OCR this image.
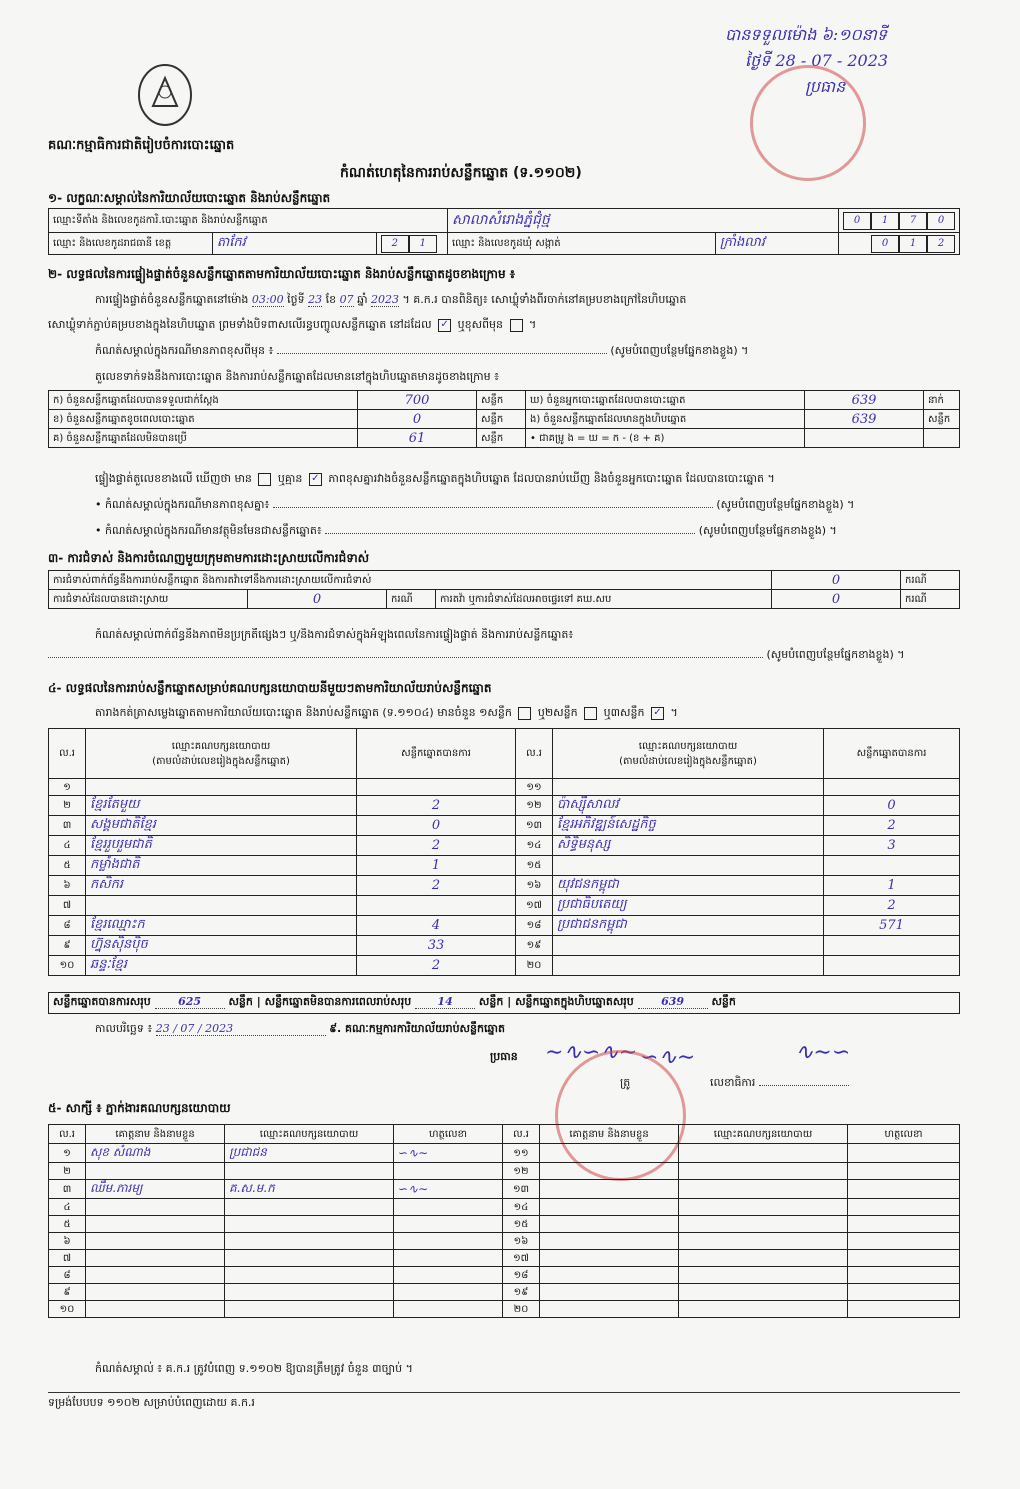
បាន​ទទួល​ម៉ោង ៦:១០នាទី
ថ្ងៃទី 28 - 07 - 2023
ប្រធាន
គណៈកម្មាធិការជាតិរៀបចំការបោះឆ្នោត
កំណត់ហេតុនៃការរាប់សន្លឹកឆ្នោត (ទ.១១០២)
១- លក្ខណៈសម្គាល់នៃការិយាល័យបោះឆ្នោត និងរាប់សន្លឹកឆ្នោត
ឈ្មោះទីតាំង និងលេខកូដការិ.បោះឆ្នោត និងរាប់សន្លឹកឆ្នោត			សាលាសំរោងភ្នំជុំថ្ម		0 1 7 0
ឈ្មោះ និងលេខកូដរាជធានី ខេត្ត	តាកែវ	2 1	ឈ្មោះ និងលេខកូដឃុំ សង្កាត់	ក្រាំងលាវ	0 1 2
២- លទ្ធផលនៃការផ្ទៀងផ្ទាត់ចំនួនសន្លឹកឆ្នោតតាមការិយាល័យបោះឆ្នោត និងរាប់សន្លឹកឆ្នោតដូចខាងក្រោម ៖
ការផ្ទៀងផ្ទាត់ចំនួនសន្លឹកឆ្នោតនៅម៉ោង 03:00 ថ្ងៃទី 23 ខែ 07 ឆ្នាំ 2023 ។ គ.ក.រ បានពិនិត្យ៖ សោឃ្លុំទាំងពីរចាក់នៅគម្របខាងក្រៅនៃហិបឆ្នោត
សោឃ្លុំទាក់ភ្ជាប់គម្របខាងក្នុងនៃហិបឆ្នោត ព្រមទាំងបិទពាសលើរន្ធបញ្ចូលសន្លឹកឆ្នោត នៅដដែល ✓ ឬខុសពីមុន  ។
កំណត់សម្គាល់ក្នុងករណីមានភាពខុសពីមុន ៖	(សូមបំពេញបន្ថែមផ្នែកខាងខ្លួង) ។
តួលេខទាក់ទងនឹងការបោះឆ្នោត និងការរាប់សន្លឹកឆ្នោតដែលមាននៅក្នុងហិបឆ្នោតមានដូចខាងក្រោម ៖
ក) ចំនួនសន្លឹកឆ្នោតដែលបានទទួលជាក់ស្តែង	700	សន្លឹក	ឃ) ចំនួនអ្នកបោះឆ្នោតដែលបានបោះឆ្នោត	639	នាក់
ខ) ចំនួនសន្លឹកឆ្នោតខូចពេលបោះឆ្នោត	0	សន្លឹក	ង) ចំនួនសន្លឹកឆ្នោតដែលមានក្នុងហិបឆ្នោត	639	សន្លឹក
គ) ចំនួនសន្លឹកឆ្នោតដែលមិនបានប្រើ	61	សន្លឹក	• ជាគម្រូ ង = ឃ = ក - (ខ + គ)		
ផ្ទៀងផ្ទាត់តួលេខខាងលើ ឃើញថា មាន ឬគ្មាន ✓ ភាពខុសគ្នារវាងចំនួនសន្លឹកឆ្នោតក្នុងហិបឆ្នោត ដែលបានរាប់ឃើញ និងចំនួនអ្នកបោះឆ្នោត ដែលបានបោះឆ្នោត ។
• កំណត់សម្គាល់ក្នុងករណីមានភាពខុសគ្នា៖	(សូមបំពេញបន្ថែមផ្នែកខាងខ្លួង) ។
• កំណត់សម្គាល់ក្នុងករណីមានវត្ថុមិនមែនជាសន្លឹកឆ្នោត៖	(សូមបំពេញបន្ថែមផ្នែកខាងខ្លួង) ។
៣- ការជំទាស់ និងការចំណេញមួយក្រុមតាមការដោះស្រាយលើការជំទាស់
ការជំទាស់ពាក់ព័ន្ធនឹងការរាប់សន្លឹកឆ្នោត និងការតវ៉ាទៅនឹងការដោះស្រាយលើការជំទាស់				0	ករណី
ការជំទាស់ដែលបានដោះស្រាយ	0	ករណី	ការតវ៉ា ឬការជំទាស់ដែលអាចផ្ទេរទៅ គឃ.សប	0	ករណី
កំណត់សម្គាល់ពាក់ព័ន្ធនឹងភាពមិនប្រក្រតីផ្សេងៗ ឬ/និងការជំទាស់ក្នុងអំឡុងពេលនៃការផ្ទៀងផ្ទាត់ និងការរាប់សន្លឹកឆ្នោត៖
(សូមបំពេញបន្ថែមផ្នែកខាងខ្លួង) ។
៤- លទ្ធផលនៃការរាប់សន្លឹកឆ្នោតសម្រាប់គណបក្សនយោបាយនីមួយៗតាមការិយាល័យរាប់សន្លឹកឆ្នោត
តារាងកត់ត្រាសម្លេងឆ្នោតតាមការិយាល័យបោះឆ្នោត និងរាប់សន្លឹកឆ្នោត (ទ.១១០៤) មានចំនួន ១សន្លឹក ឬ២សន្លឹក ឬ៣សន្លឹក ✓ ។
ល.រ	ឈ្មោះគណបក្សនយោបាយ
(តាមលំដាប់លេខរៀងក្នុងសន្លឹកឆ្នោត)	សន្លឹកឆ្នោតបានការ	ល.រ	ឈ្មោះគណបក្សនយោបាយ
(តាមលំដាប់លេខរៀងក្នុងសន្លឹកឆ្នោត)	សន្លឹកឆ្នោតបានការ
១			១១		
២	ខ្មែរតែមួយ	2	១២	ប៉ាស្ស៊ីសាលវ	0
៣	សង្គមជាតិខ្មែរ	0	១៣	ខ្មែរអភិវឌ្ឍន៍សេដ្ឋកិច្ច	2
៤	ខ្មែររួបរួមជាតិ	2	១៤	សិទ្ធិមនុស្ស	3
៥	កម្លាំងជាតិ	1	១៥		
៦	កសិករ	2	១៦	យុវជនកម្ពុជា	1
៧			១៧	ប្រជាធិបតេយ្យ	2
៨	ខ្មែរឈ្មោះក	4	១៨	ប្រជាជនកម្ពុជា	571
៩	ហ្វ៊ុនស៊ិនប៉ិច	33	១៩		
១០	ឆន្ទៈខ្មែរ	2	២០		
សន្លឹកឆ្នោតបានការសរុប 625 សន្លឹក | សន្លឹកឆ្នោតមិនបានការពេលរាប់សរុប 14 សន្លឹក | សន្លឹកឆ្នោតក្នុងហិបឆ្នោតសរុប 639 សន្លឹក
កាលបរិច្ឆេទ ៖ 23 / 07 / 2023	៩. គណៈកម្មការការិយាល័យរាប់សន្លឹកឆ្នោត
ប្រធាន ∼∿∽∿∼ ∽∿∼
ត្រូ
∿∼∽
លេខាធិការ
៥- សាក្សី ៖ ភ្នាក់ងារគណបក្សនយោបាយ
ល.រ	គោត្តនាម និងនាមខ្លួន	ឈ្មោះគណបក្សនយោបាយ	ហត្ថលេខា	ល.រ	គោត្តនាម និងនាមខ្លួន	ឈ្មោះគណបក្សនយោបាយ	ហត្ថលេខា
១	សុខ សំណាង	ប្រជាជន	∽∿∼	១១			
២				១២			
៣	ឈឹម.ភារម្យ	គ.ស.ម.ក	∽∿∼	១៣			
៤				១៤			
៥				១៥			
៦				១៦			
៧				១៧			
៨				១៨			
៩				១៩			
១០				២០			
កំណត់សម្គាល់ ៖ គ.ក.រ ត្រូវបំពេញ ទ.១១០២ ឱ្យបានត្រឹមត្រូវ ចំនួន ៣ច្បាប់ ។
ទម្រង់បែបបទ ១១០២ សម្រាប់បំពេញដោយ គ.ក.រ
